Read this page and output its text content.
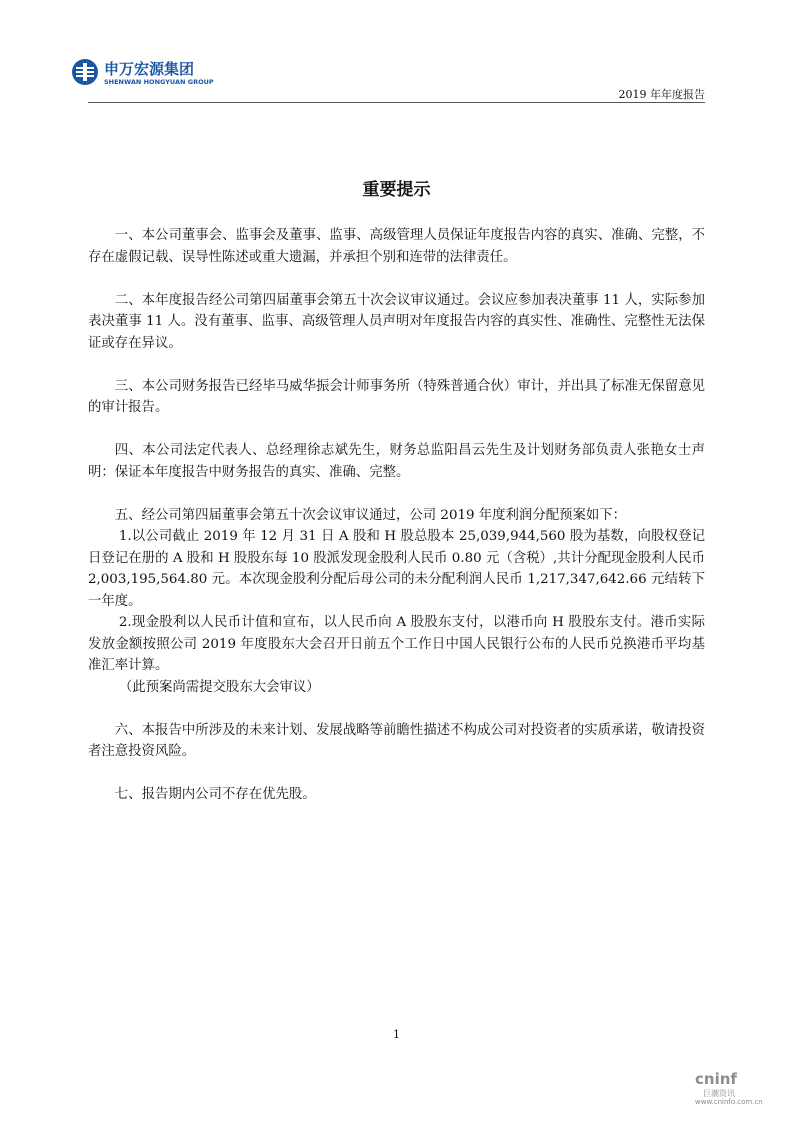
申万宏源集团
SHENWAN HONGYUAN GROUP
2019 年年度报告
重要提示

一、本公司董事会、监事会及董事、监事、高级管理人员保证年度报告内容的真实、准确、完整，不存在虚假记载、误导性陈述或重大遗漏，并承担个别和连带的法律责任。

二、本年度报告经公司第四届董事会第五十次会议审议通过。会议应参加表决董事 11 人，实际参加表决董事 11 人。没有董事、监事、高级管理人员声明对年度报告内容的真实性、准确性、完整性无法保证或存在异议。

三、本公司财务报告已经毕马威华振会计师事务所（特殊普通合伙）审计，并出具了标准无保留意见的审计报告。

四、本公司法定代表人、总经理徐志斌先生，财务总监阳昌云先生及计划财务部负责人张艳女士声明：保证本年度报告中财务报告的真实、准确、完整。

五、经公司第四届董事会第五十次会议审议通过，公司 2019 年度利润分配预案如下：

1.以公司截止 2019 年 12 月 31 日 A 股和 H 股总股本 25,039,944,560 股为基数，向股权登记日登记在册的 A 股和 H 股股东每 10 股派发现金股利人民币 0.80 元（含税）,共计分配现金股利人民币 2,003,195,564.80 元。本次现金股利分配后母公司的未分配利润人民币 1,217,347,642.66 元结转下一年度。

2.现金股利以人民币计值和宣布，以人民币向 A 股股东支付，以港币向 H 股股东支付。港币实际发放金额按照公司 2019 年度股东大会召开日前五个工作日中国人民银行公布的人民币兑换港币平均基准汇率计算。

（此预案尚需提交股东大会审议）

六、本报告中所涉及的未来计划、发展战略等前瞻性描述不构成公司对投资者的实质承诺，敬请投资者注意投资风险。

七、报告期内公司不存在优先股。

1
cninf
巨潮资讯
www.cninfo.com.cn
